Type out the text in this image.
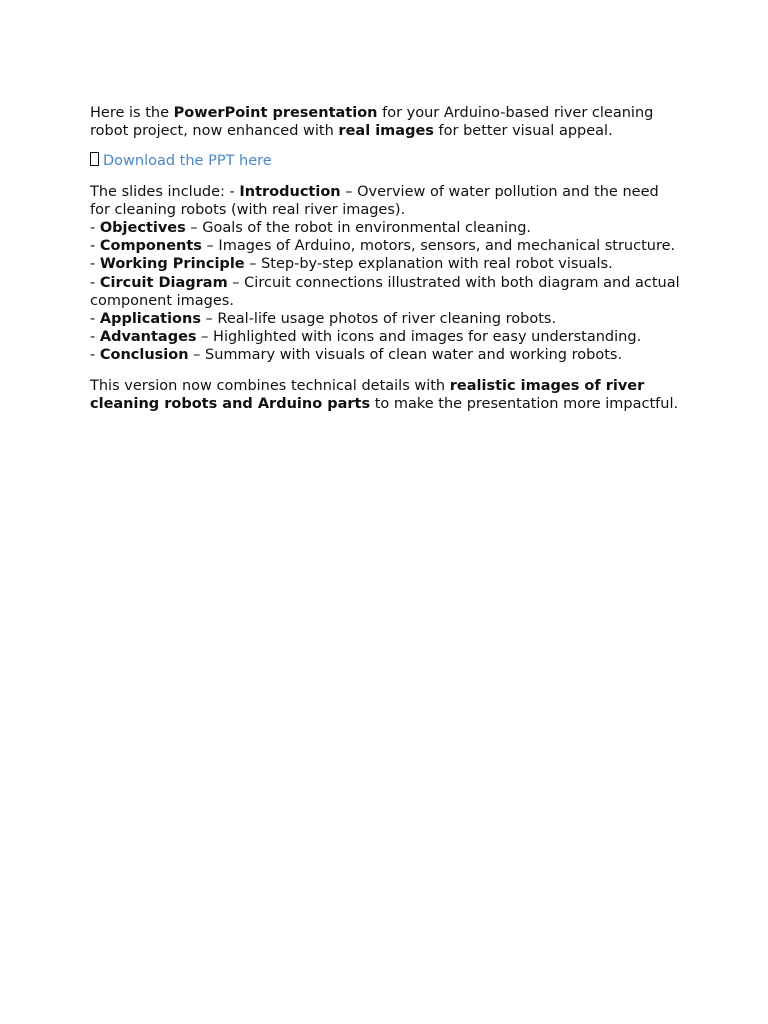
Here is the PowerPoint presentation for your Arduino-based river cleaning robot project, now enhanced with real images for better visual appeal.

Download the PPT here

The slides include: - Introduction – Overview of water pollution and the need for cleaning robots (with real river images).
- Objectives – Goals of the robot in environmental cleaning.
- Components – Images of Arduino, motors, sensors, and mechanical structure.
- Working Principle – Step-by-step explanation with real robot visuals.
- Circuit Diagram – Circuit connections illustrated with both diagram and actual component images.
- Applications – Real-life usage photos of river cleaning robots.
- Advantages – Highlighted with icons and images for easy understanding.
- Conclusion – Summary with visuals of clean water and working robots.

This version now combines technical details with realistic images of river cleaning robots and Arduino parts to make the presentation more impactful.
